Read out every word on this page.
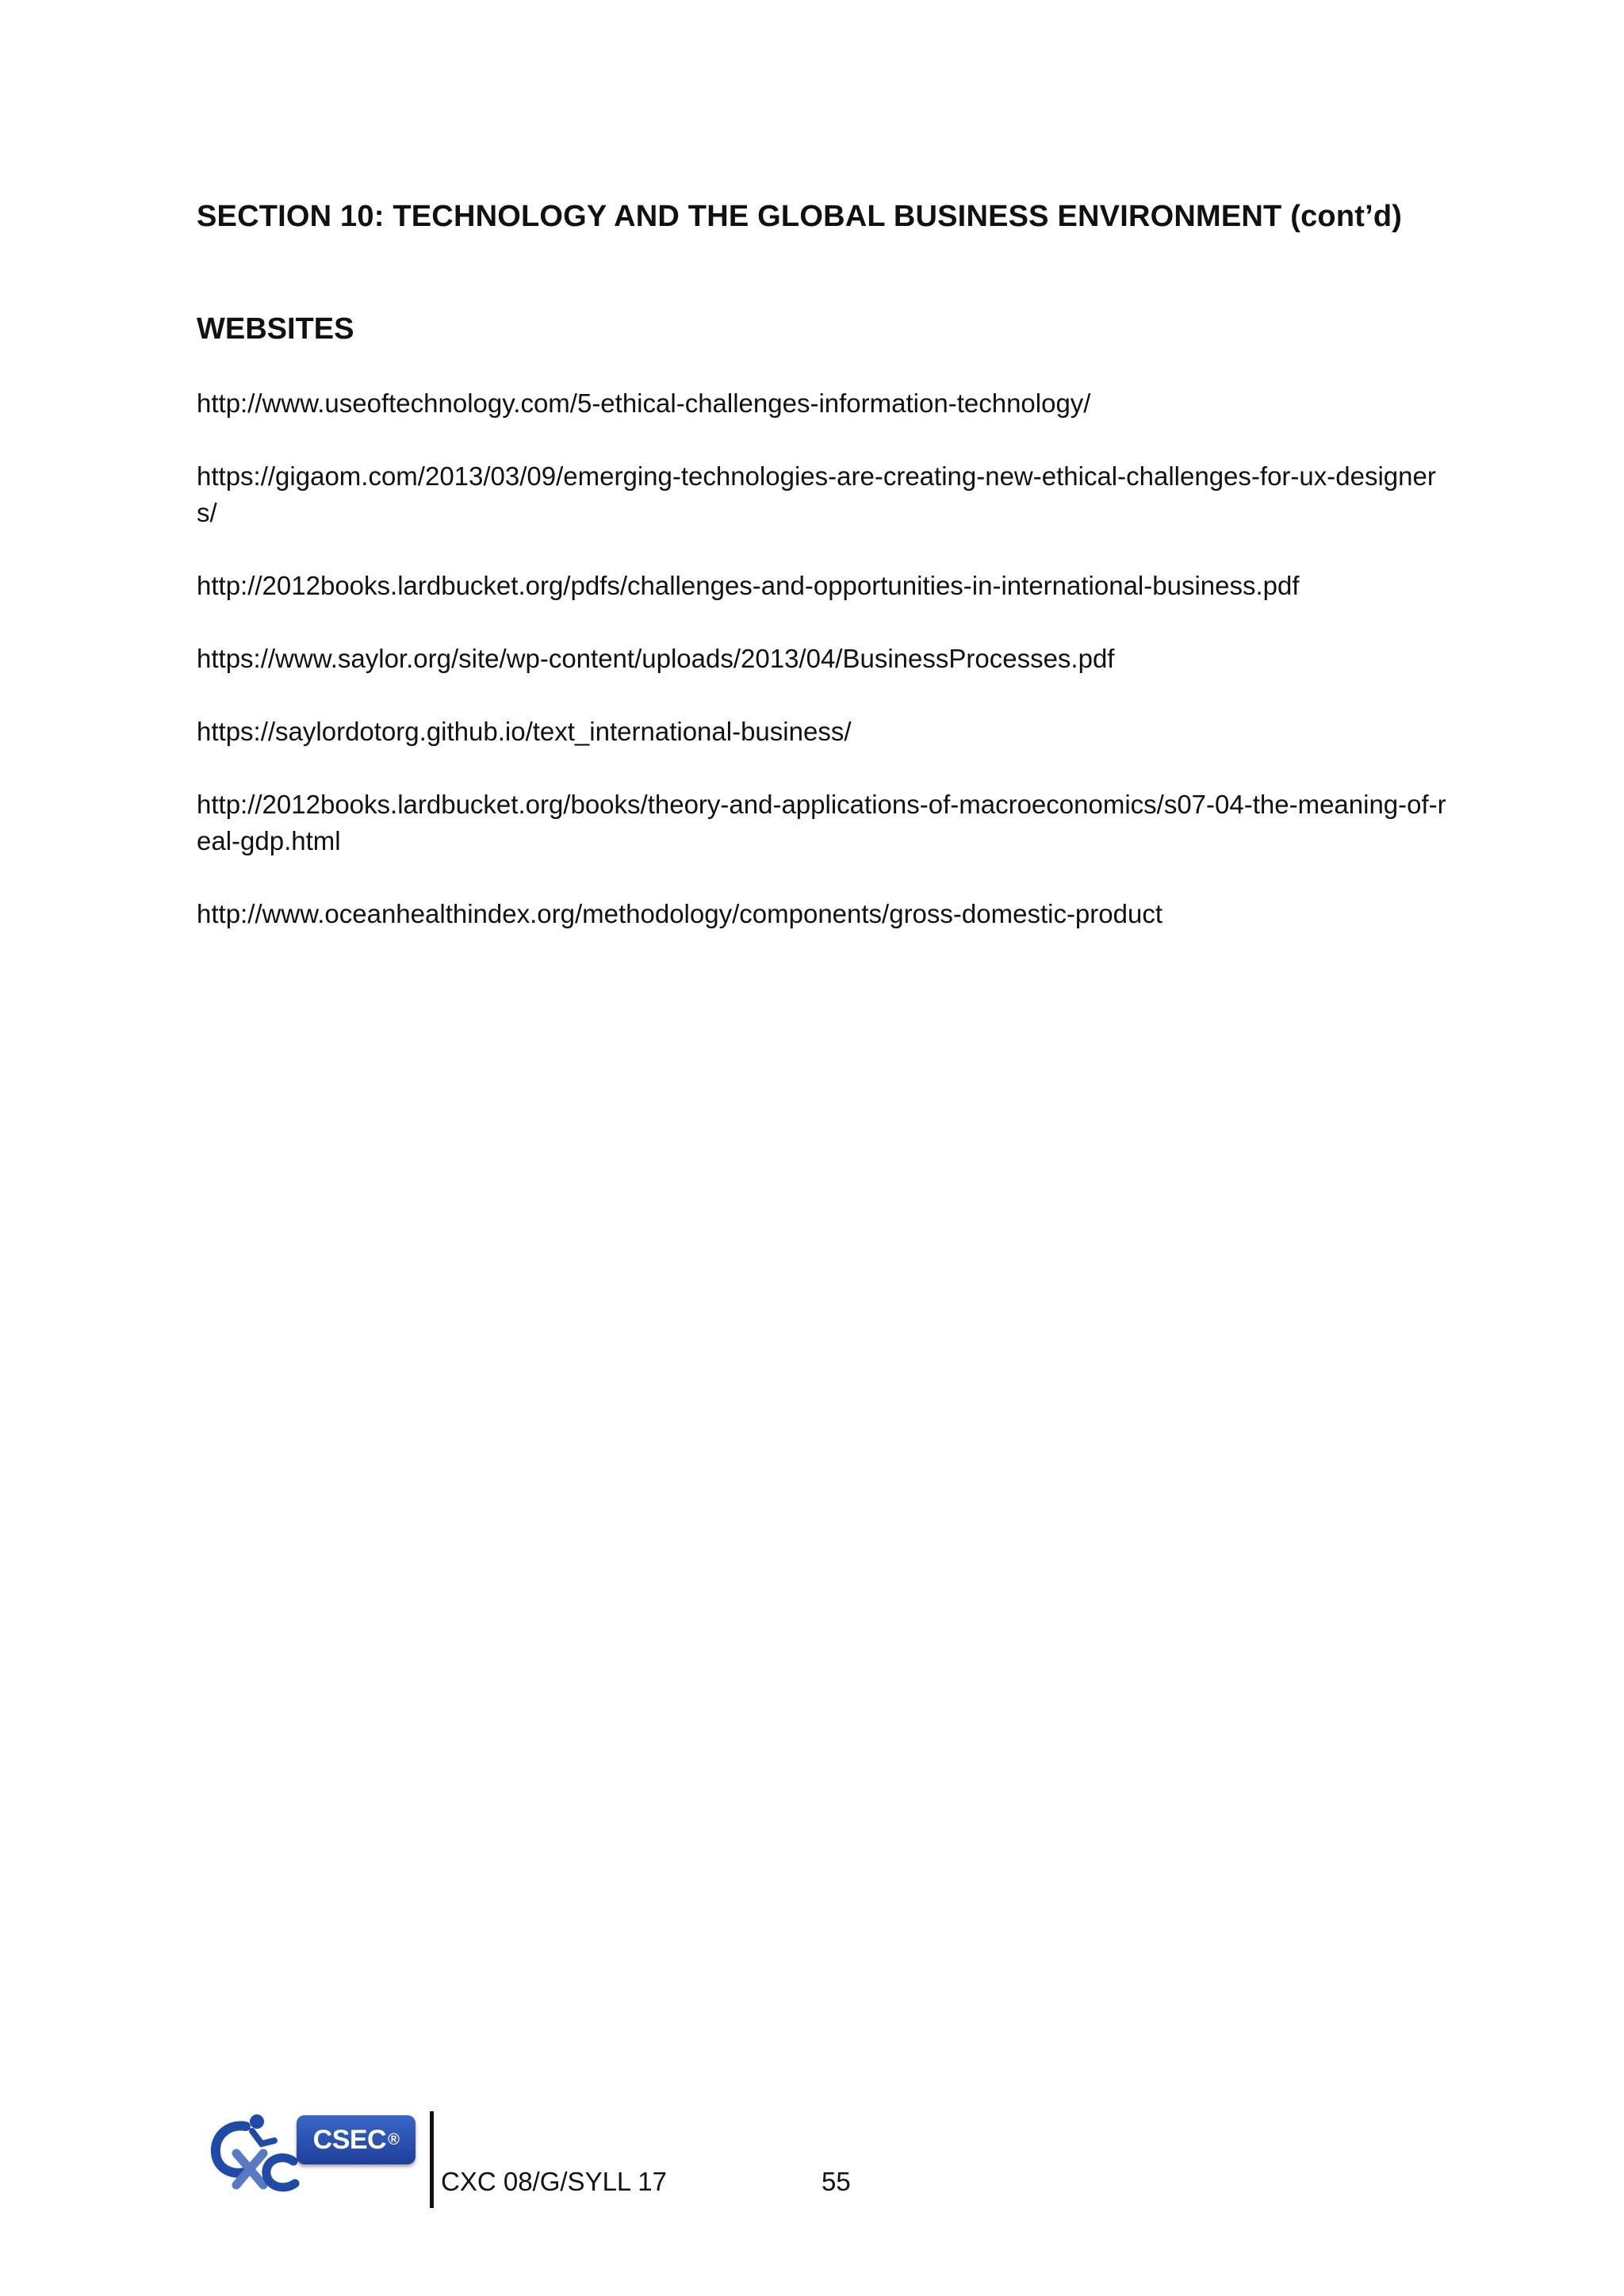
SECTION 10: TECHNOLOGY AND THE GLOBAL BUSINESS ENVIRONMENT (cont’d)
WEBSITES
http://www.useoftechnology.com/5-ethical-challenges-information-technology/
https://gigaom.com/2013/03/09/emerging-technologies-are-creating-new-ethical-challenges-for-ux-designers/
http://2012books.lardbucket.org/pdfs/challenges-and-opportunities-in-international-business.pdf
https://www.saylor.org/site/wp-content/uploads/2013/04/BusinessProcesses.pdf
https://saylordotorg.github.io/text_international-business/
http://2012books.lardbucket.org/books/theory-and-applications-of-macroeconomics/s07-04-the-meaning-of-real-gdp.html
http://www.oceanhealthindex.org/methodology/components/gross-domestic-product
CSEC ®
CXC 08/G/SYLL 17	55
